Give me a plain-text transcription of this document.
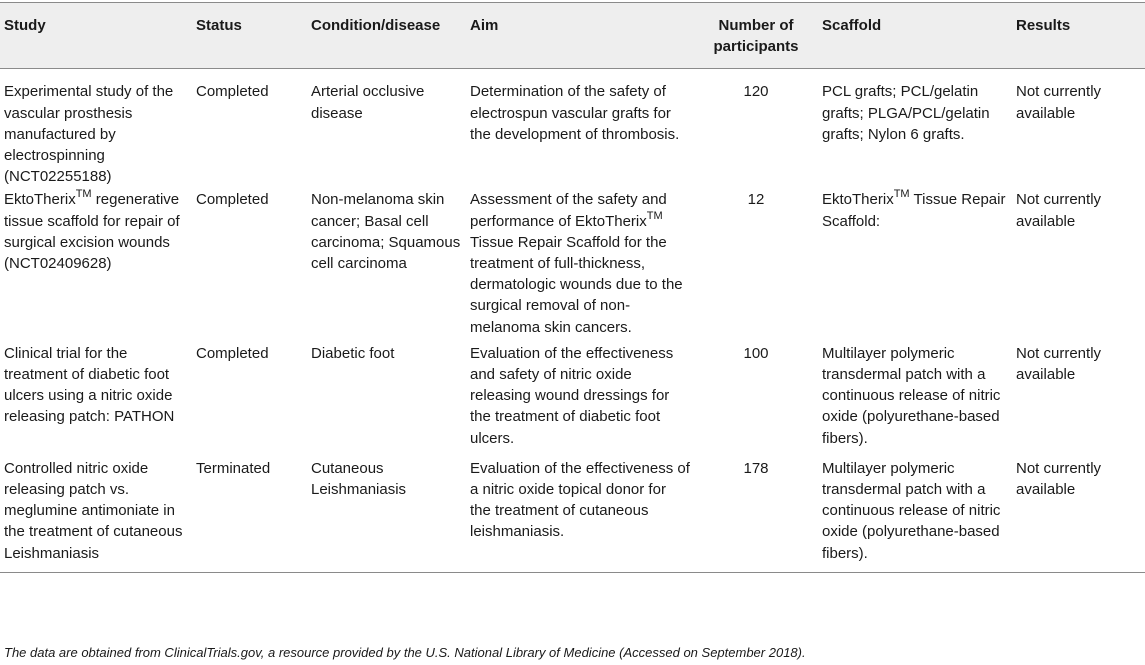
Study	Status	Condition/disease	Aim	Number of participants	Scaffold	Results
Experimental study of the vascular prosthesis manufactured by electrospinning (NCT02255188)	Completed	Arterial occlusive disease	Determination of the safety of electrospun vascular grafts for the development of thrombosis.	120	PCL grafts; PCL/gelatin grafts; PLGA/PCL/gelatin grafts; Nylon 6 grafts.	Not currently available
EktoTherix™ regenerative tissue scaffold for repair of surgical excision wounds (NCT02409628)	Completed	Non-melanoma skin cancer; Basal cell carcinoma; Squamous cell carcinoma	Assessment of the safety and performance of EktoTherix™ Tissue Repair Scaffold for the treatment of full-thickness, dermatologic wounds due to the surgical removal of non-melanoma skin cancers.	12	EktoTherix™ Tissue Repair Scaffold:	Not currently available
Clinical trial for the treatment of diabetic foot ulcers using a nitric oxide releasing patch: PATHON	Completed	Diabetic foot	Evaluation of the effectiveness and safety of nitric oxide releasing wound dressings for the treatment of diabetic foot ulcers.	100	Multilayer polymeric transdermal patch with a continuous release of nitric oxide (polyurethane-based fibers).	Not currently available
Controlled nitric oxide releasing patch vs. meglumine antimoniate in the treatment of cutaneous Leishmaniasis	Terminated	Cutaneous Leishmaniasis	Evaluation of the effectiveness of a nitric oxide topical donor for the treatment of cutaneous leishmaniasis.	178	Multilayer polymeric transdermal patch with a continuous release of nitric oxide (polyurethane-based fibers).	Not currently available
The data are obtained from ClinicalTrials.gov, a resource provided by the U.S. National Library of Medicine (Accessed on September 2018).
